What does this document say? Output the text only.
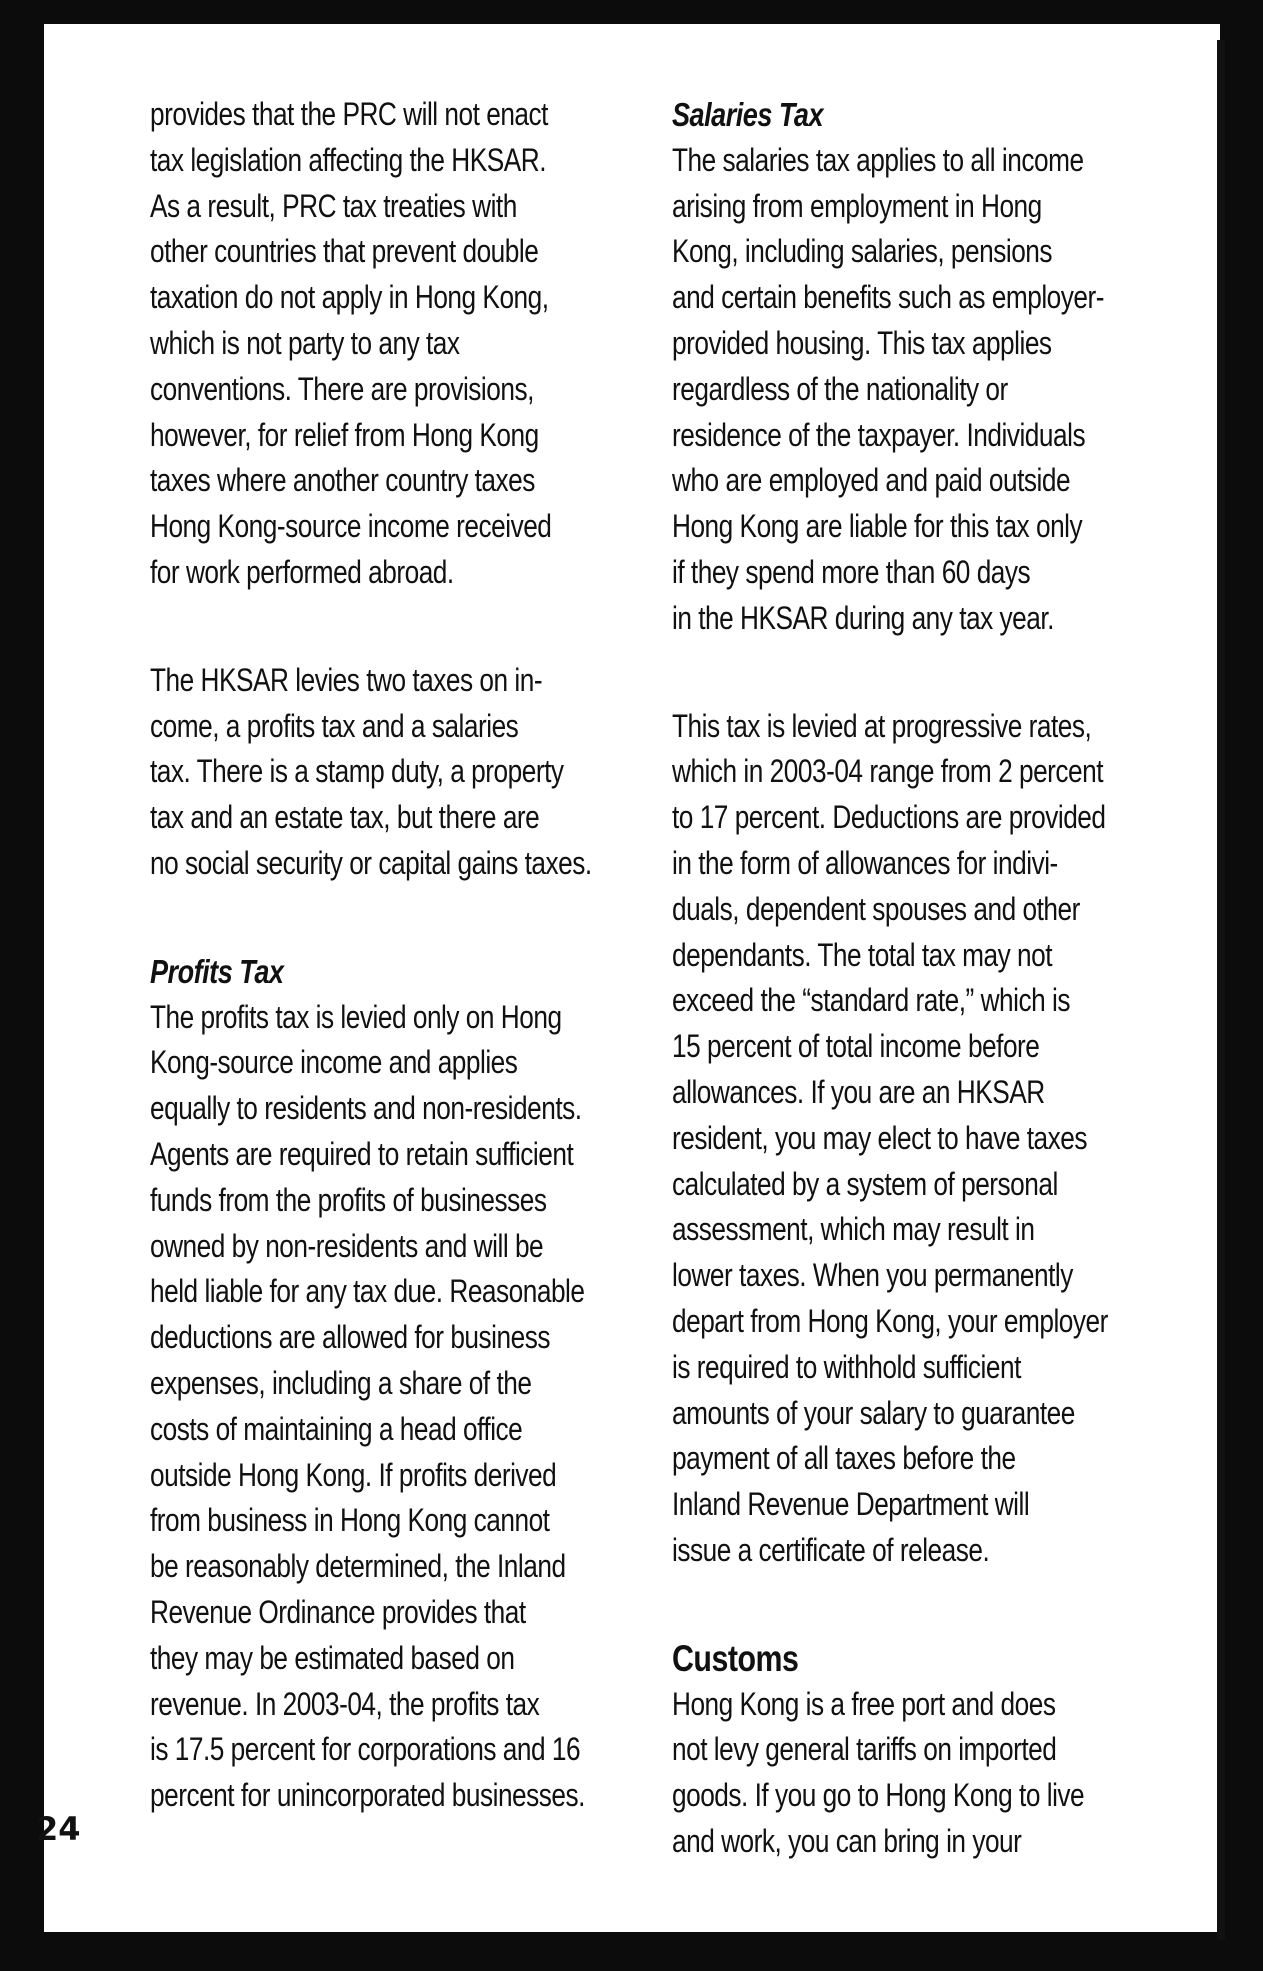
provides that the PRC will not enact
tax legislation affecting the HKSAR.
As a result, PRC tax treaties with
other countries that prevent double
taxation do not apply in Hong Kong,
which is not party to any tax
conventions. There are provisions,
however, for relief from Hong Kong
taxes where another country taxes
Hong Kong-source income received
for work performed abroad.

The HKSAR levies two taxes on in-
come, a profits tax and a salaries
tax. There is a stamp duty, a property
tax and an estate tax, but there are
no social security or capital gains taxes.

Profits Tax

The profits tax is levied only on Hong
Kong-source income and applies
equally to residents and non-residents.
Agents are required to retain sufficient
funds from the profits of businesses
owned by non-residents and will be
held liable for any tax due. Reasonable
deductions are allowed for business
expenses, including a share of the
costs of maintaining a head office
outside Hong Kong. If profits derived
from business in Hong Kong cannot
be reasonably determined, the Inland
Revenue Ordinance provides that
they may be estimated based on
revenue. In 2003-04, the profits tax
is 17.5 percent for corporations and 16
percent for unincorporated businesses.

Salaries Tax

The salaries tax applies to all income
arising from employment in Hong
Kong, including salaries, pensions
and certain benefits such as employer-
provided housing. This tax applies
regardless of the nationality or
residence of the taxpayer. Individuals
who are employed and paid outside
Hong Kong are liable for this tax only
if they spend more than 60 days
in the HKSAR during any tax year.

This tax is levied at progressive rates,
which in 2003-04 range from 2 percent
to 17 percent. Deductions are provided
in the form of allowances for indivi-
duals, dependent spouses and other
dependants. The total tax may not
exceed the “standard rate,” which is
15 percent of total income before
allowances. If you are an HKSAR
resident, you may elect to have taxes
calculated by a system of personal
assessment, which may result in
lower taxes. When you permanently
depart from Hong Kong, your employer
is required to withhold sufficient
amounts of your salary to guarantee
payment of all taxes before the
Inland Revenue Department will
issue a certificate of release.

Customs

Hong Kong is a free port and does
not levy general tariffs on imported
goods. If you go to Hong Kong to live
and work, you can bring in your

24
